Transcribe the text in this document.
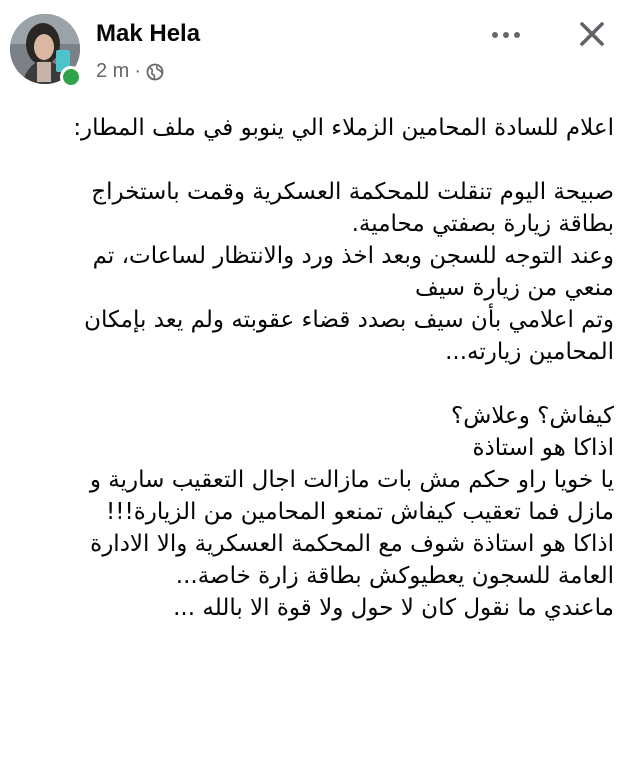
Mak Hela
2 m ·
اعلام للسادة المحامين الزملاء الي ينوبو في ملف المطار:
صبيحة اليوم تنقلت للمحكمة العسكرية وقمت باستخراج
بطاقة زيارة بصفتي محامية.
وعند التوجه للسجن وبعد اخذ ورد والانتظار لساعات، تم
منعي من زيارة سيف
وتم اعلامي بأن سيف بصدد قضاء عقوبته ولم يعد بإمكان
المحامين زيارته...
كيفاش؟ وعلاش؟
اذاكا هو استاذة
يا خويا راو حكم مش بات مازالت اجال التعقيب سارية و
مازل فما تعقيب كيفاش تمنعو المحامين من الزيارة!!!
اذاكا هو استاذة شوف مع المحكمة العسكرية والا الادارة
العامة للسجون يعطيوكش بطاقة زارة خاصة...
ماعندي ما نقول كان لا حول ولا قوة الا بالله ...
